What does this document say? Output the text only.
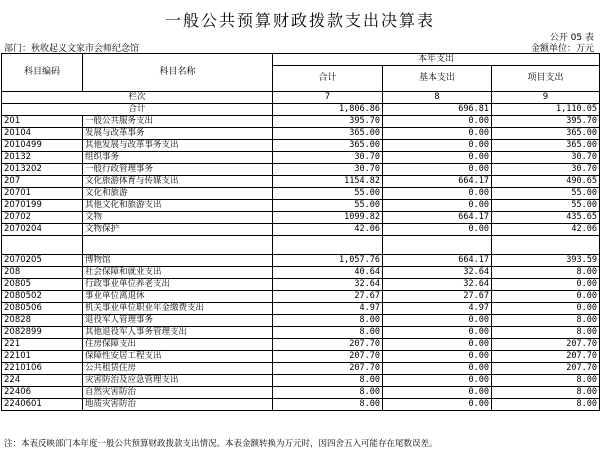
一般公共预算财政拨款支出决算表
公开 05 表
部门：秋收起义文家市会师纪念馆	金额单位：万元
科目编码	科目名称	本年支出		
		合计	基本支出	项目支出

栏次		7	8	9
合计		1,806.86	696.81	1,110.05
201	一般公共服务支出	395.70	0.00	395.70
20104	发展与改革事务	365.00	0.00	365.00
2010499	其他发展与改革事务支出	365.00	0.00	365.00
20132	组织事务	30.70	0.00	30.70
2013202	一般行政管理事务	30.70	0.00	30.70
207	文化旅游体育与传媒支出	1154.82	664.17	490.65
20701	文化和旅游	55.00	0.00	55.00
2070199	其他文化和旅游支出	55.00	0.00	55.00
20702	文物	1099.82	664.17	435.65
2070204	文物保护	42.06	0.00	42.06

2070205	博物馆	1,057.76	664.17	393.59
208	社会保障和就业支出	40.64	32.64	8.00
20805	行政事业单位养老支出	32.64	32.64	0.00
2080502	事业单位离退休	27.67	27.67	0.00
2080506	机关事业单位职业年金缴费支出	4.97	4.97	0.00
20828	退役军人管理事务	8.00	0.00	8.00
2082899	其他退役军人事务管理支出	8.00	0.00	8.00
221	住房保障支出	207.70	0.00	207.70
22101	保障性安居工程支出	207.70	0.00	207.70
2210106	公共租赁住房	207.70	0.00	207.70
224	灾害防治及应急管理支出	8.00	0.00	8.00
22406	自然灾害防治	8.00	0.00	8.00
2240601	地质灾害防治	8.00	0.00	8.00
注：本表反映部门本年度一般公共预算财政拨款支出情况。本表金额转换为万元时，因四舍五入可能存在尾数误差。
